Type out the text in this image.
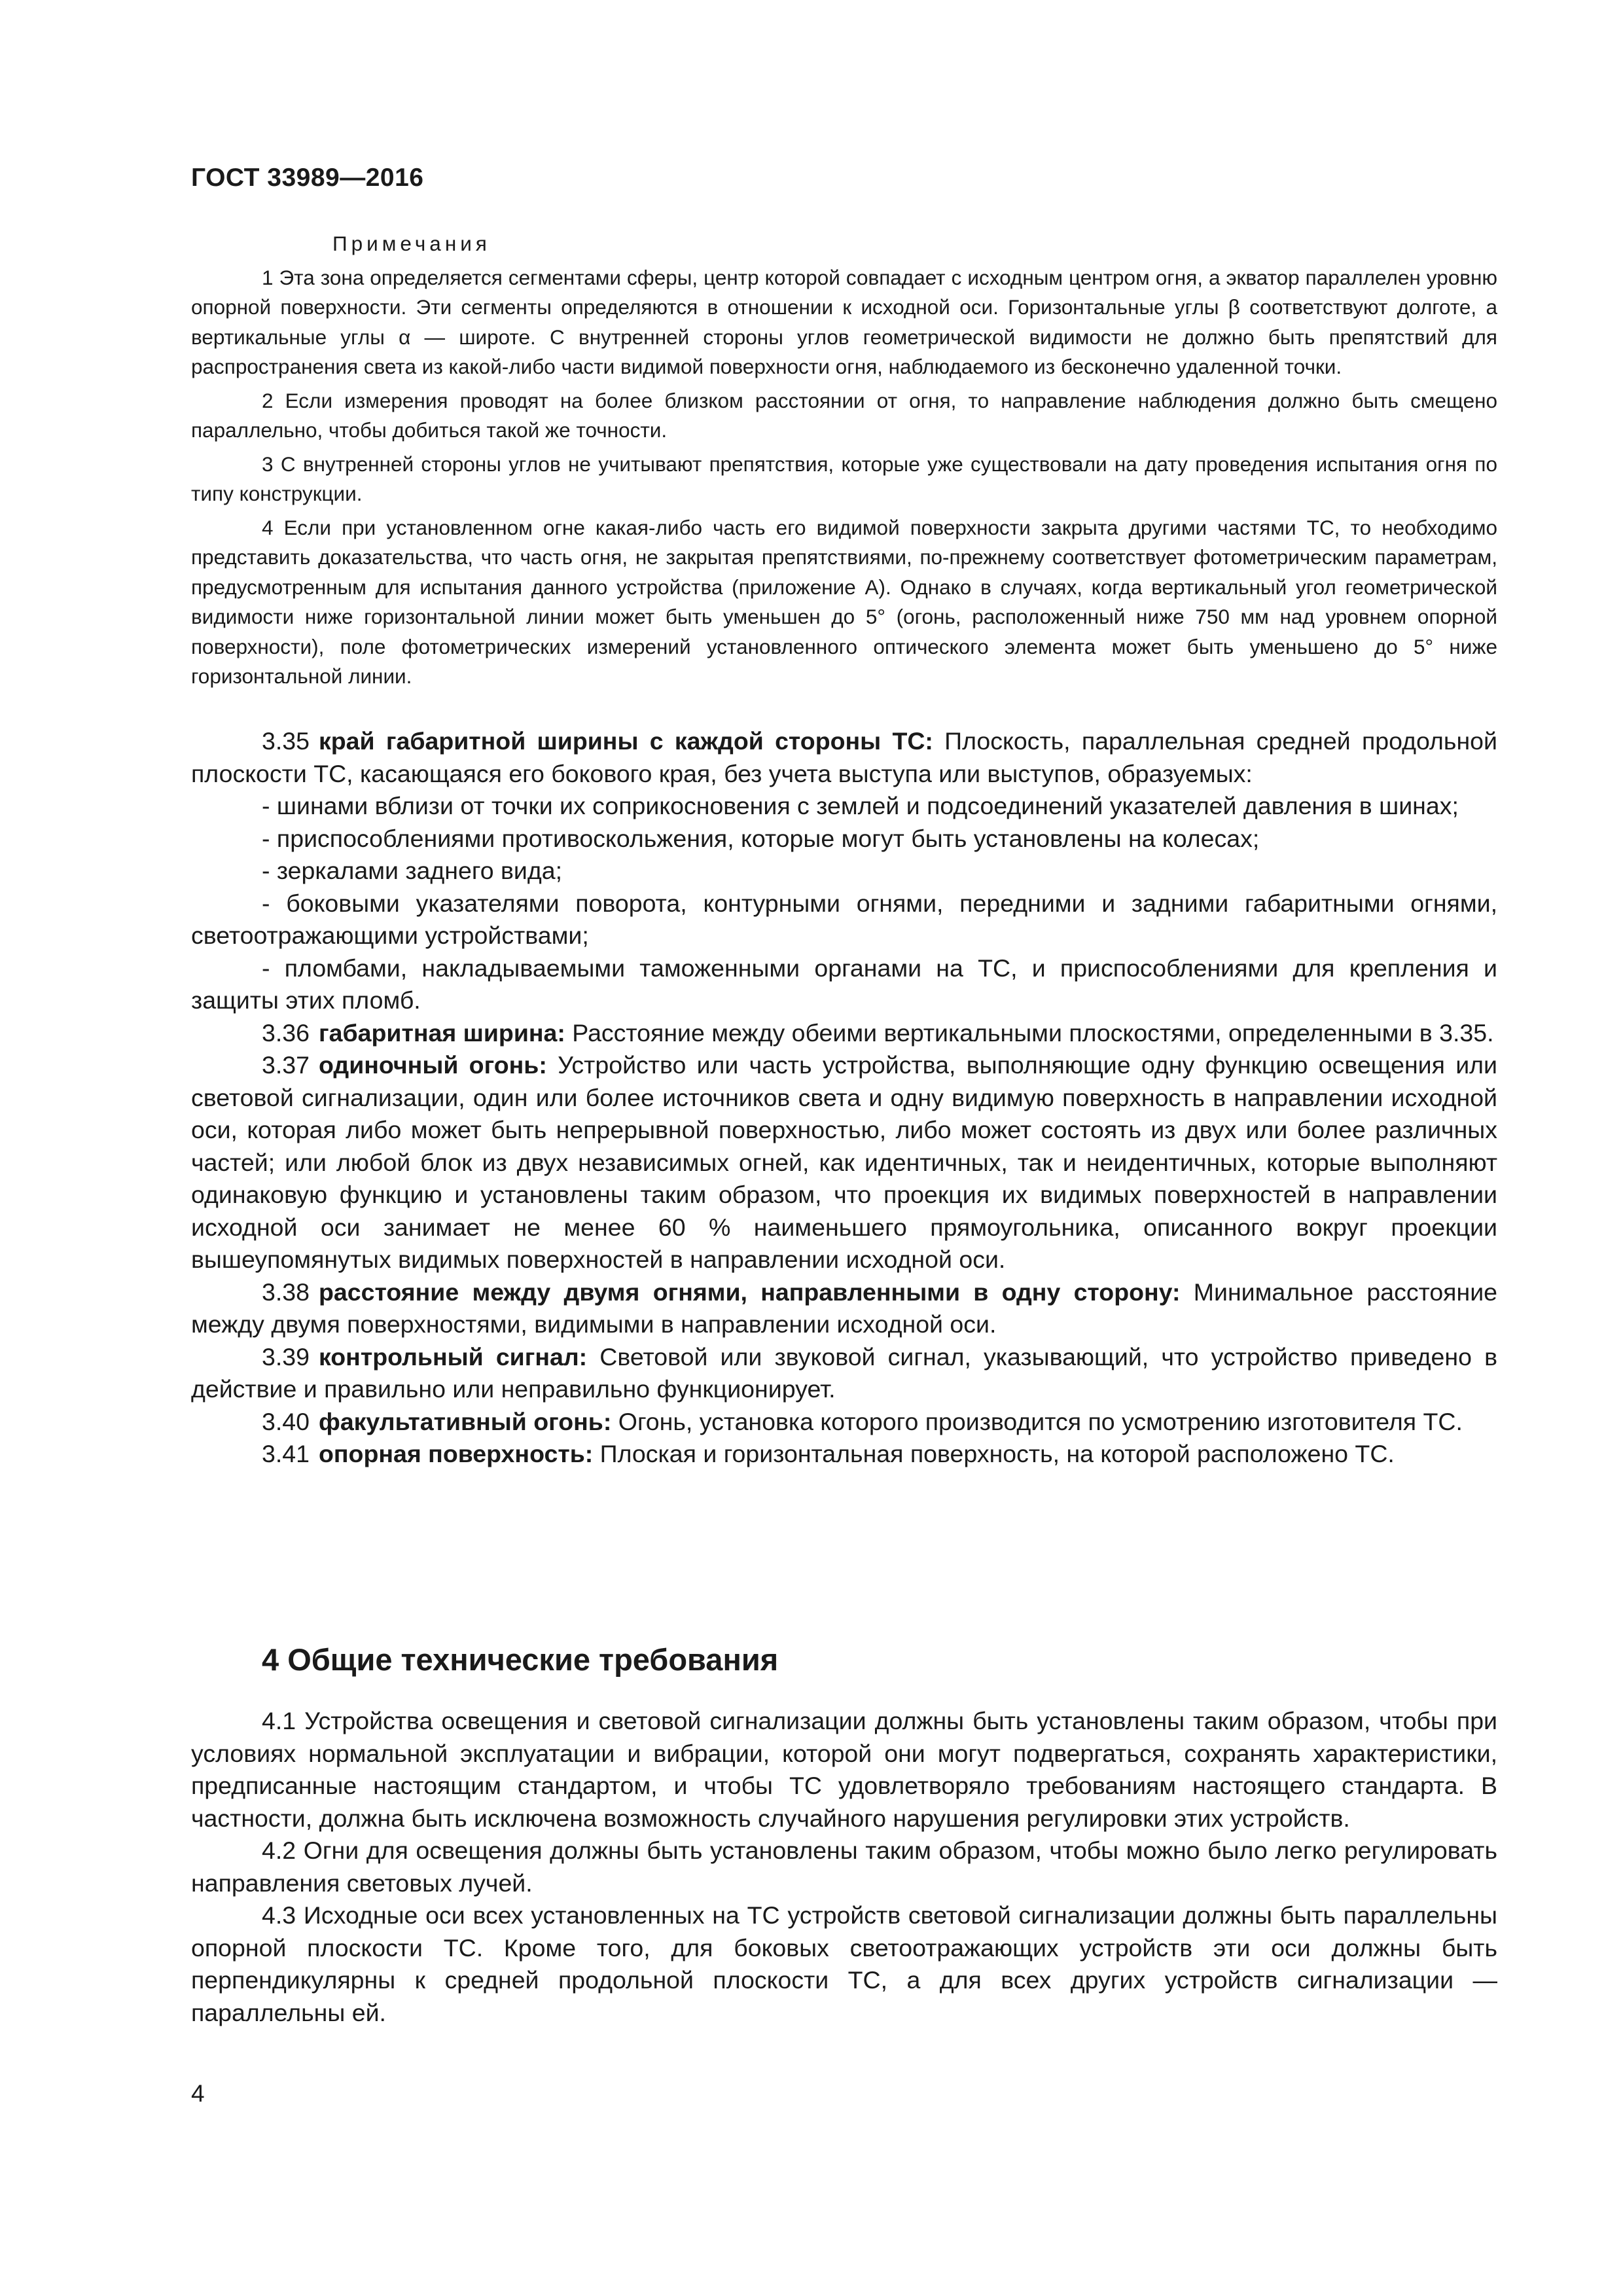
ГОСТ 33989—2016

Примечания

1 Эта зона определяется сегментами сферы, центр которой совпадает с исходным центром огня, а экватор параллелен уровню опорной поверхности. Эти сегменты определяются в отношении к исходной оси. Горизонтальные углы β соответствуют долготе, а вертикальные углы α — широте. С внутренней стороны углов геометрической видимости не должно быть препятствий для распространения света из какой-либо части видимой поверхности огня, наблюдаемого из бесконечно удаленной точки.

2 Если измерения проводят на более близком расстоянии от огня, то направление наблюдения должно быть смещено параллельно, чтобы добиться такой же точности.

3 С внутренней стороны углов не учитывают препятствия, которые уже существовали на дату проведения испытания огня по типу конструкции.

4 Если при установленном огне какая-либо часть его видимой поверхности закрыта другими частями ТС, то необходимо представить доказательства, что часть огня, не закрытая препятствиями, по-прежнему соответствует фотометрическим параметрам, предусмотренным для испытания данного устройства (приложение А). Однако в случаях, когда вертикальный угол геометрической видимости ниже горизонтальной линии может быть уменьшен до 5° (огонь, расположенный ниже 750 мм над уровнем опорной поверхности), поле фотометрических измерений установленного оптического элемента может быть уменьшено до 5° ниже горизонтальной линии.

3.35 край габаритной ширины с каждой стороны ТС: Плоскость, параллельная средней продольной плоскости ТС, касающаяся его бокового края, без учета выступа или выступов, образуемых:

- шинами вблизи от точки их соприкосновения с землей и подсоединений указателей давления в шинах;

- приспособлениями противоскольжения, которые могут быть установлены на колесах;

- зеркалами заднего вида;

- боковыми указателями поворота, контурными огнями, передними и задними габаритными огнями, светоотражающими устройствами;

- пломбами, накладываемыми таможенными органами на ТС, и приспособлениями для крепления и защиты этих пломб.

3.36 габаритная ширина: Расстояние между обеими вертикальными плоскостями, определенными в 3.35.

3.37 одиночный огонь: Устройство или часть устройства, выполняющие одну функцию освещения или световой сигнализации, один или более источников света и одну видимую поверхность в направлении исходной оси, которая либо может быть непрерывной поверхностью, либо может состоять из двух или более различных частей; или любой блок из двух независимых огней, как идентичных, так и неидентичных, которые выполняют одинаковую функцию и установлены таким образом, что проекция их видимых поверхностей в направлении исходной оси занимает не менее 60 % наименьшего прямоугольника, описанного вокруг проекции вышеупомянутых видимых поверхностей в направлении исходной оси.

3.38 расстояние между двумя огнями, направленными в одну сторону: Минимальное расстояние между двумя поверхностями, видимыми в направлении исходной оси.

3.39 контрольный сигнал: Световой или звуковой сигнал, указывающий, что устройство приведено в действие и правильно или неправильно функционирует.

3.40 факультативный огонь: Огонь, установка которого производится по усмотрению изготовителя ТС.

3.41 опорная поверхность: Плоская и горизонтальная поверхность, на которой расположено ТС.

4 Общие технические требования

4.1 Устройства освещения и световой сигнализации должны быть установлены таким образом, чтобы при условиях нормальной эксплуатации и вибрации, которой они могут подвергаться, сохранять характеристики, предписанные настоящим стандартом, и чтобы ТС удовлетворяло требованиям настоящего стандарта. В частности, должна быть исключена возможность случайного нарушения регулировки этих устройств.

4.2 Огни для освещения должны быть установлены таким образом, чтобы можно было легко регулировать направления световых лучей.

4.3 Исходные оси всех установленных на ТС устройств световой сигнализации должны быть параллельны опорной плоскости ТС. Кроме того, для боковых светоотражающих устройств эти оси должны быть перпендикулярны к средней продольной плоскости ТС, а для всех других устройств сигнализации — параллельны ей.

4
